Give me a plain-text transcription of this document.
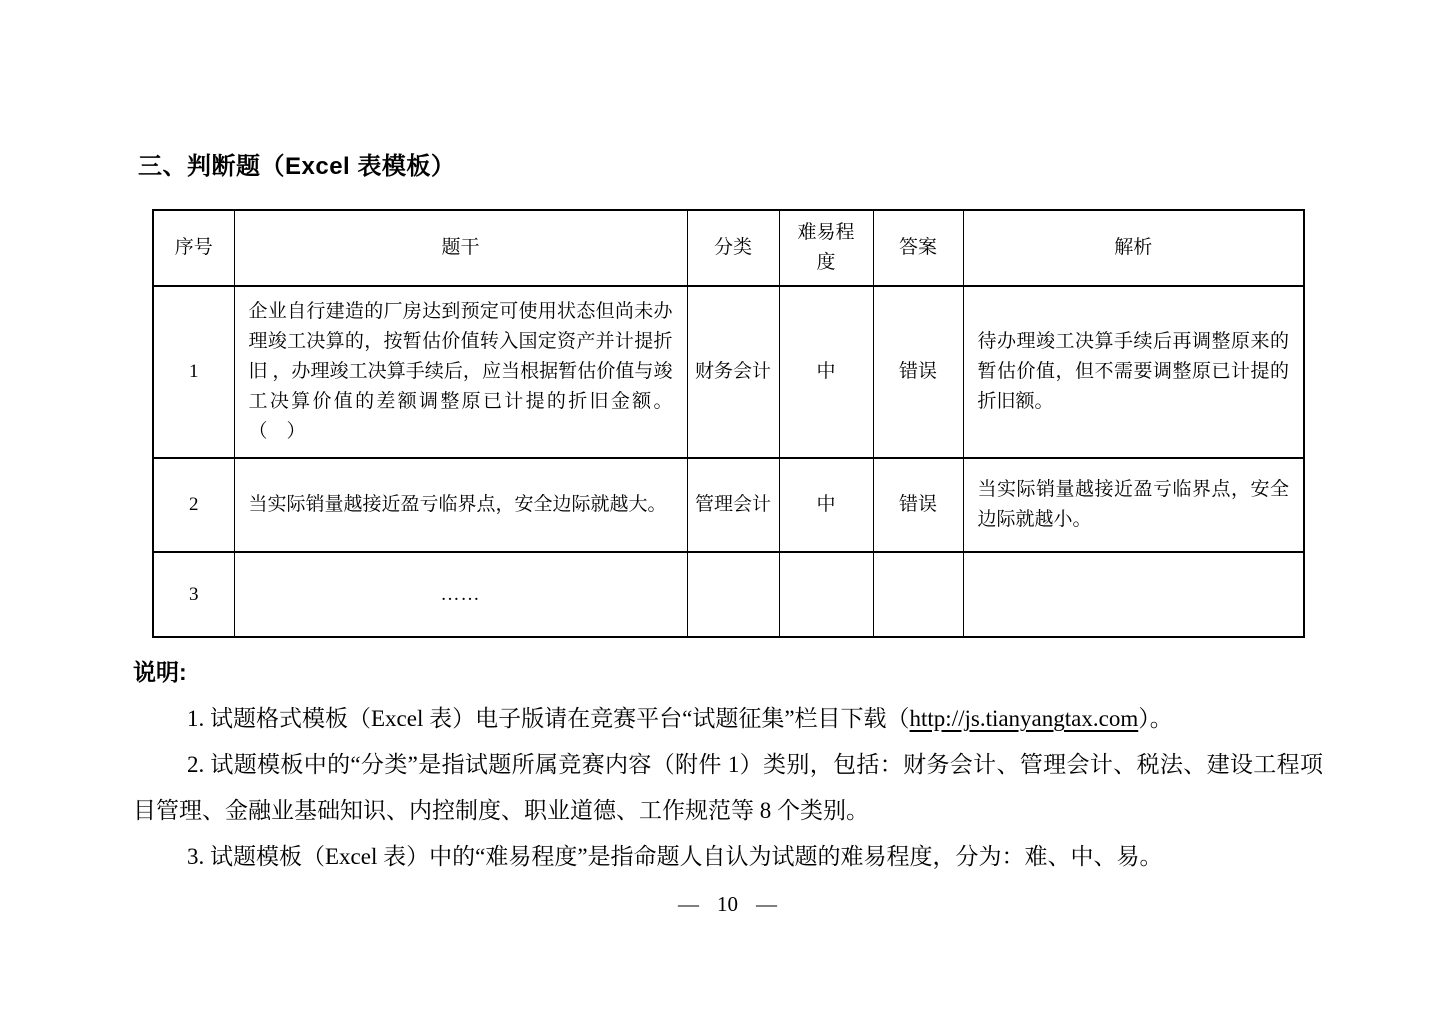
三、判断题（Excel 表模板）
序号	题干	分类	难易程度	答案	解析
1	企业自行建造的厂房达到预定可使用状态但尚未办理竣工决算的，按暂估价值转入国定资产并计提折旧 ，办理竣工决算手续后，应当根据暂估价值与竣工决算价值的差额调整原已计提的折旧金额。 （　）	财务会计	中	错误	待办理竣工决算手续后再调整原来的暂估价值，但不需要调整原已计提的折旧额。
2	当实际销量越接近盈亏临界点，安全边际就越大。	管理会计	中	错误	当实际销量越接近盈亏临界点，安全边际就越小。
3	……				
说明:

1. 试题格式模板（Excel 表）电子版请在竞赛平台“试题征集”栏目下载（http://js.tianyangtax.com）。

2. 试题模板中的“分类”是指试题所属竞赛内容（附件 1）类别，包括：财务会计、管理会计、税法、建设工程项目管理、金融业基础知识、内控制度、职业道德、工作规范等 8 个类别。

3. 试题模板（Excel 表）中的“难易程度”是指命题人自认为试题的难易程度，分为：难、中、易。

— 10 —
